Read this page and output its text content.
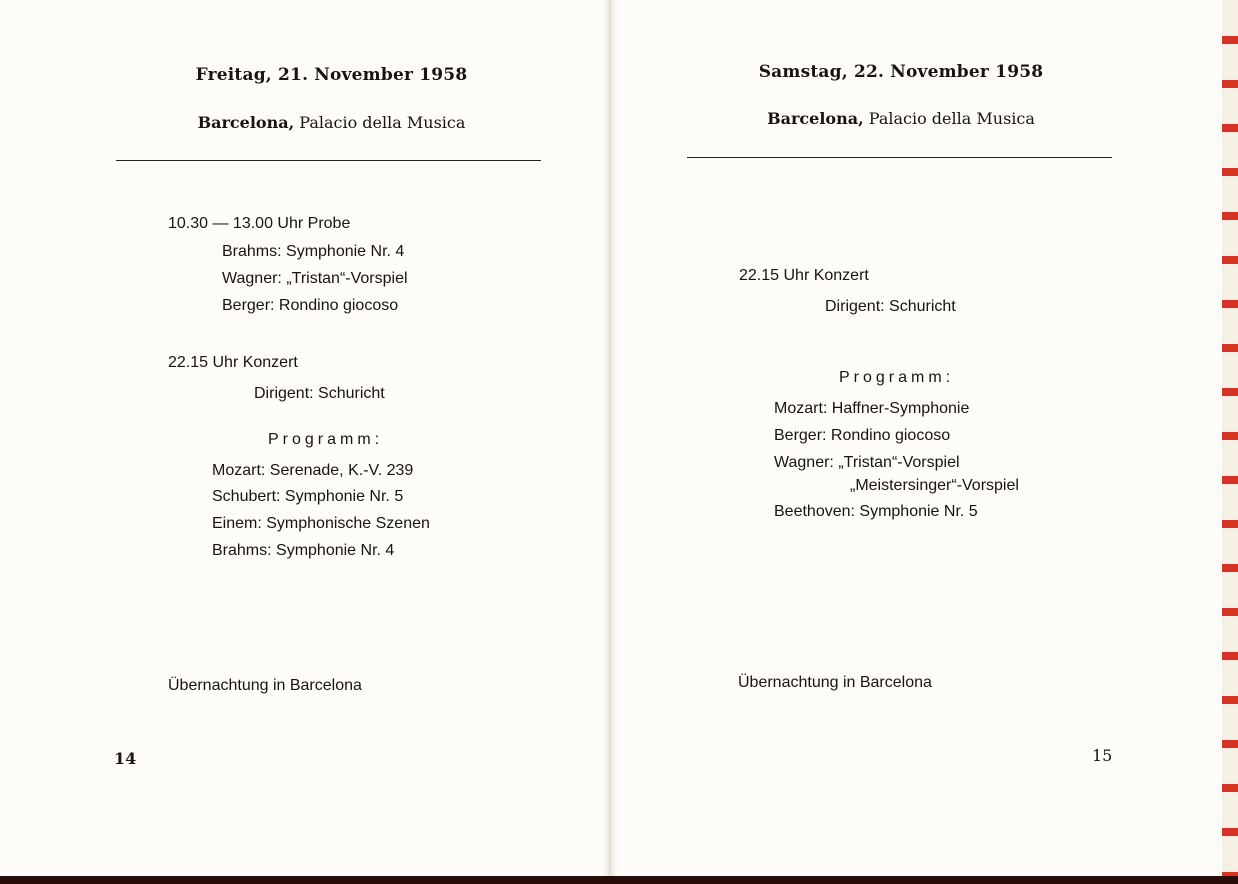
Freitag, 21. November 1958
Barcelona, Palacio della Musica
10.30 — 13.00 Uhr Probe
Brahms: Symphonie Nr. 4
Wagner: „Tristan“-Vorspiel
Berger: Rondino giocoso
22.15 Uhr Konzert
Dirigent: Schuricht
Programm:
Mozart: Serenade, K.-V. 239
Schubert: Symphonie Nr. 5
Einem: Symphonische Szenen
Brahms: Symphonie Nr. 4
Übernachtung in Barcelona
14
Samstag, 22. November 1958
Barcelona, Palacio della Musica
22.15 Uhr Konzert
Dirigent: Schuricht
Programm:
Mozart: Haffner-Symphonie
Berger: Rondino giocoso
Wagner: „Tristan“-Vorspiel
„Meistersinger“-Vorspiel
Beethoven: Symphonie Nr. 5
Übernachtung in Barcelona
15
